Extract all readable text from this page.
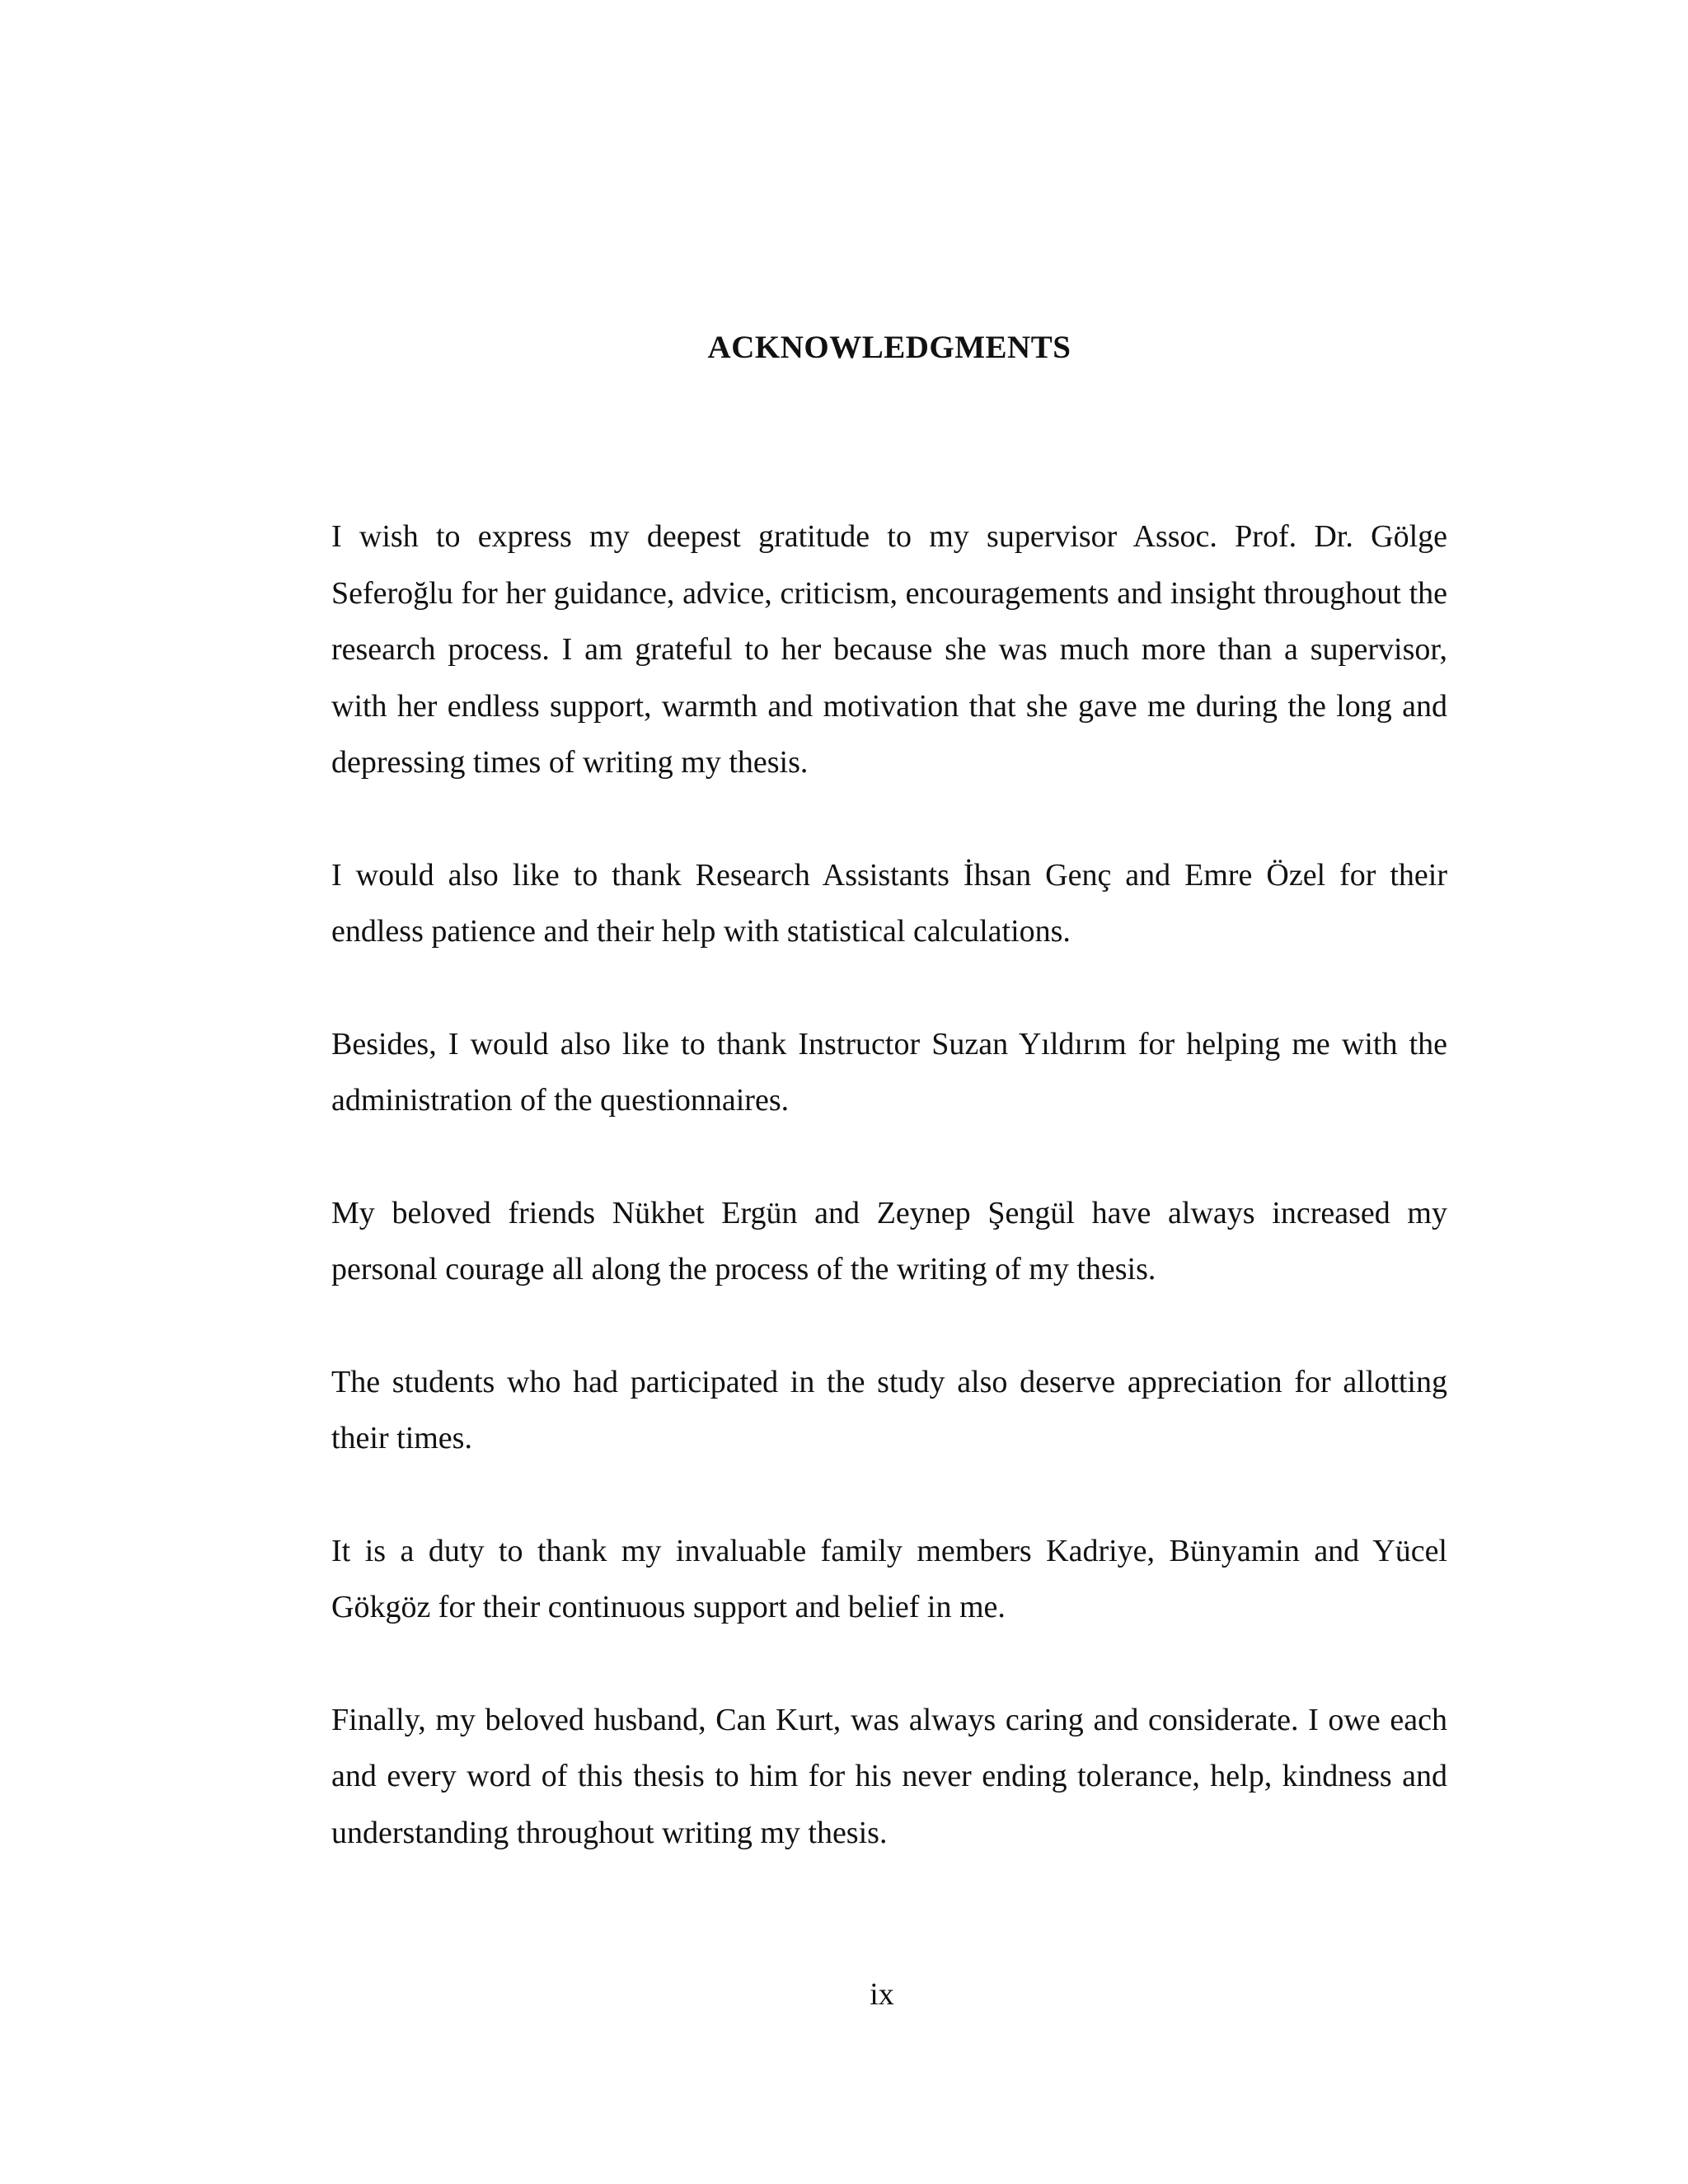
ACKNOWLEDGMENTS

I wish to express my deepest gratitude to my supervisor Assoc. Prof. Dr. Gölge Seferoğlu for her guidance, advice, criticism, encouragements and insight throughout the research process. I am grateful to her because she was much more than a supervisor, with her endless support, warmth and motivation that she gave me during the long and depressing times of writing my thesis.

I would also like to thank Research Assistants İhsan Genç and Emre Özel for their endless patience and their help with statistical calculations.

Besides, I would also like to thank Instructor Suzan Yıldırım for helping me with the administration of the questionnaires.

My beloved friends Nükhet Ergün and Zeynep Şengül have always increased my personal courage all along the process of the writing of my thesis.

The students who had participated in the study also deserve appreciation for allotting their times.

It is a duty to thank my invaluable family members Kadriye, Bünyamin and Yücel Gökgöz for their continuous support and belief in me.

Finally, my beloved husband, Can Kurt, was always caring and considerate. I owe each and every word of this thesis to him for his never ending tolerance, help, kindness and understanding throughout writing my thesis.

ix
